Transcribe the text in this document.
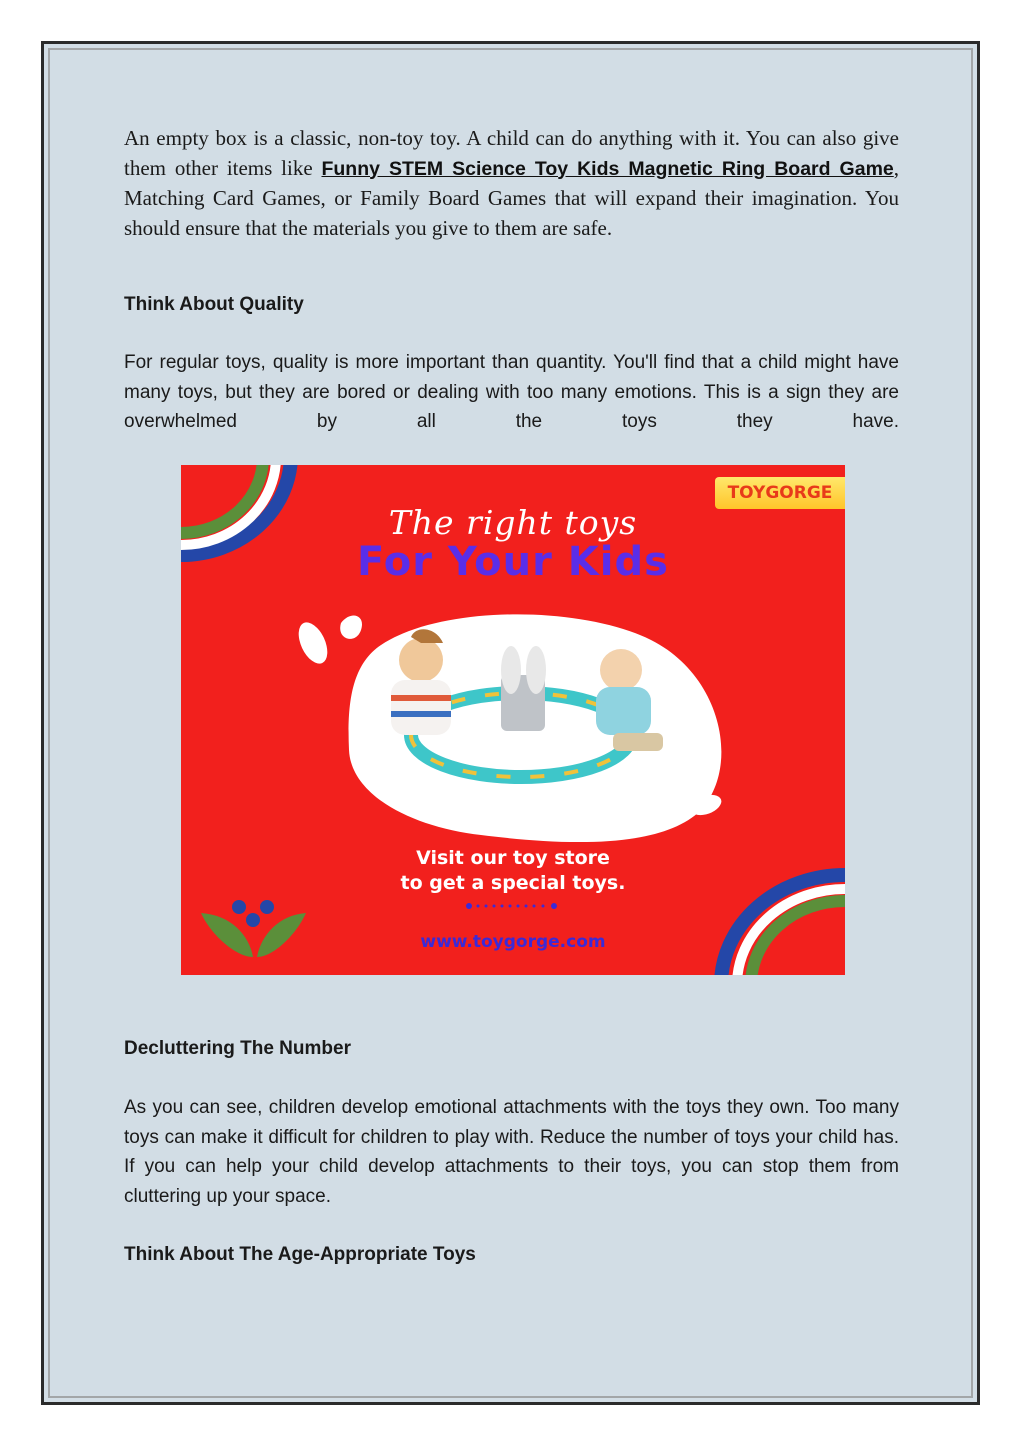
An empty box is a classic, non-toy toy. A child can do anything with it. You can also give them other items like Funny STEM Science Toy Kids Magnetic Ring Board Game, Matching Card Games, or Family Board Games that will expand their imagination. You should ensure that the materials you give to them are safe.

Think About Quality

For regular toys, quality is more important than quantity. You'll find that a child might have many toys, but they are bored or dealing with too many emotions. This is a sign they are overwhelmed by all the toys they have.

Decluttering The Number

As you can see, children develop emotional attachments with the toys they own. Too many toys can make it difficult for children to play with. Reduce the number of toys your child has. If you can help your child develop attachments to their toys, you can stop them from cluttering up your space.

Think About The Age-Appropriate Toys
TOYGORGE
The right toys
For Your Kids
Visit our toy store
to get a special toys.
www.toygorge.com
